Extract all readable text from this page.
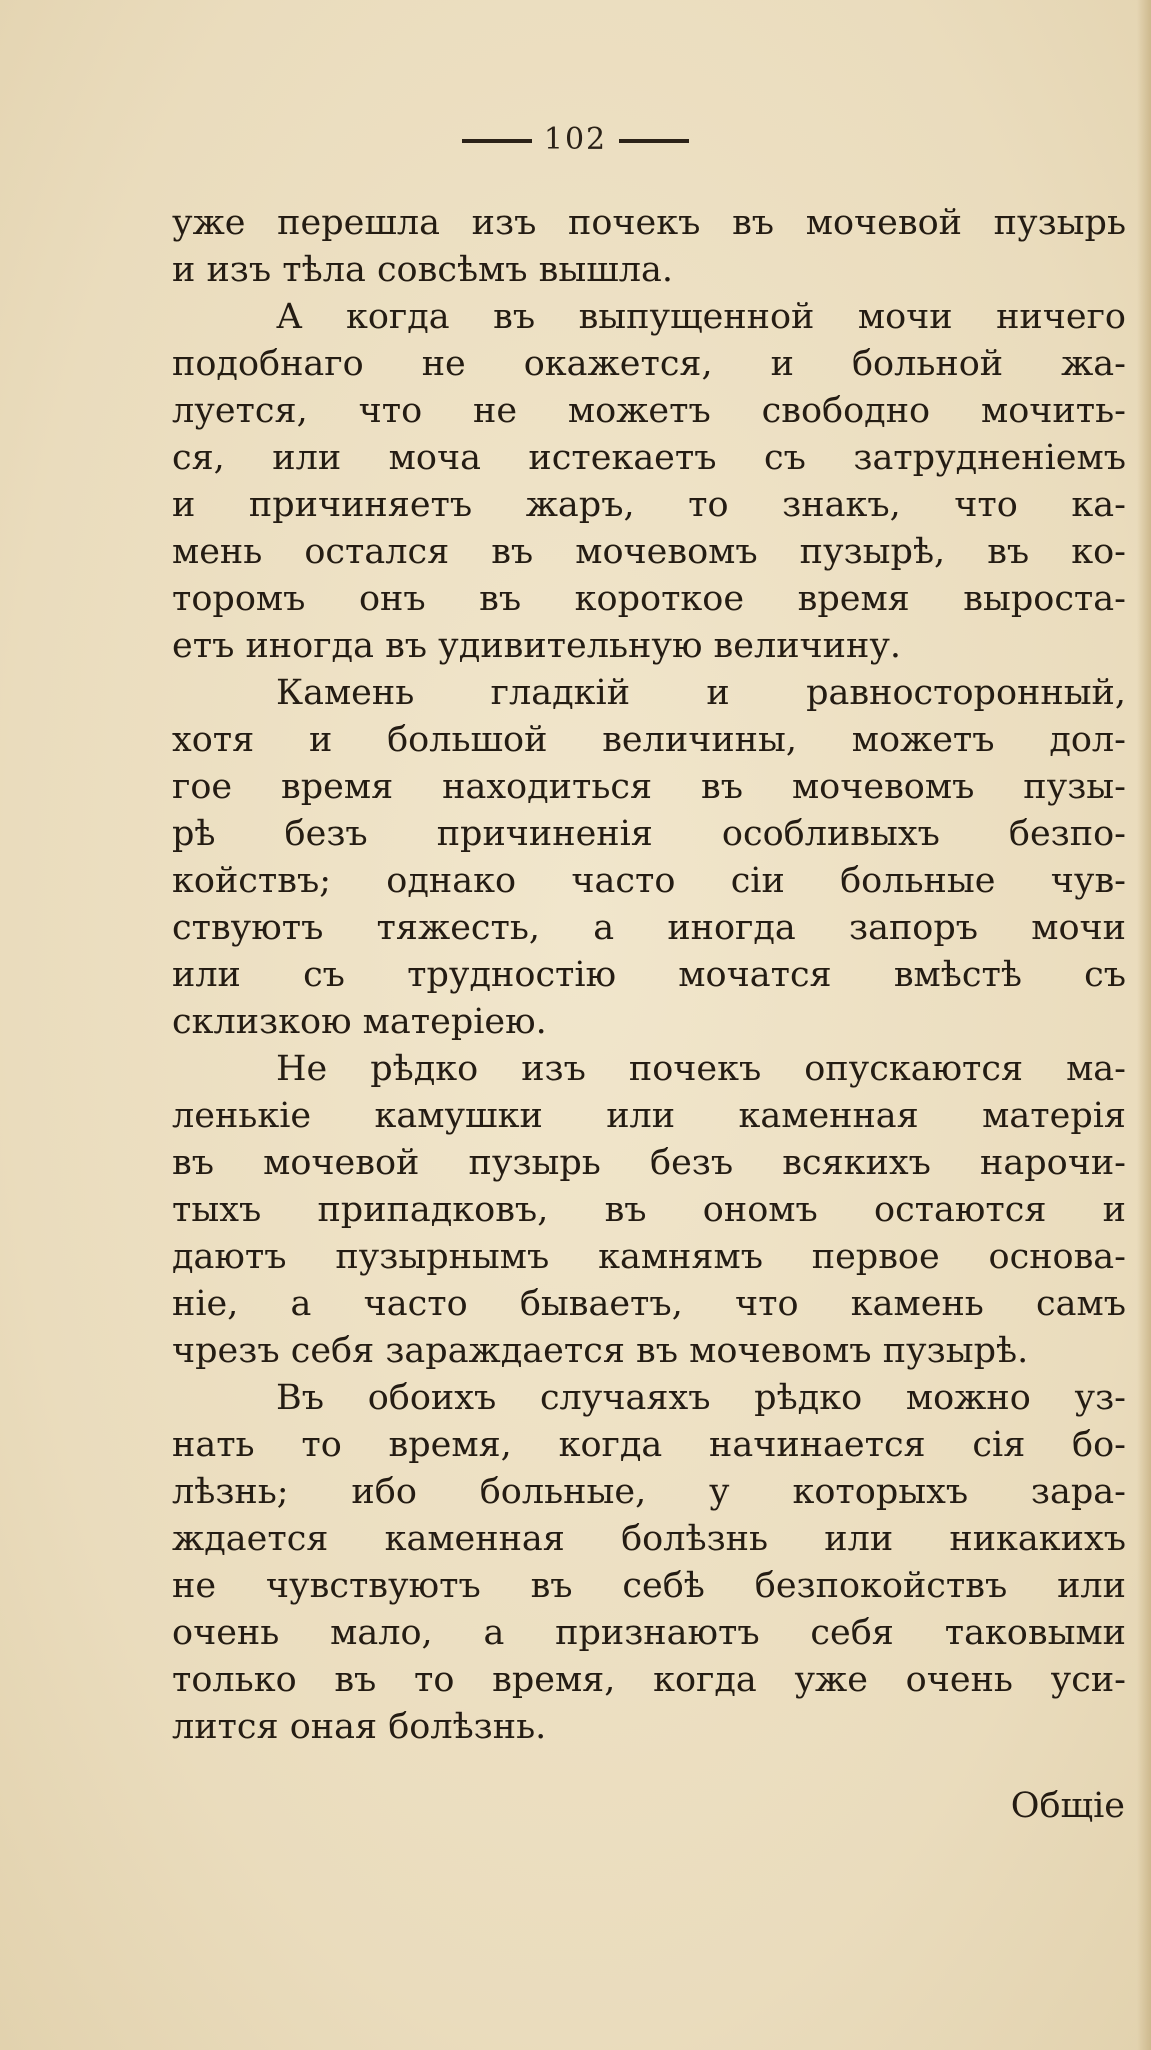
102
уже перешла изъ почекъ въ мочевой пузырь
и изъ тѣла совсѣмъ вышла.
А когда въ выпущенной мочи ничего
подобнаго не окажется, и больной жа-
луется, что не можетъ свободно мочить-
ся, или моча истекаетъ съ затрудненiемъ
и причиняетъ жаръ, то знакъ, что ка-
мень остался въ мочевомъ пузырѣ, въ ко-
торомъ онъ въ короткое время выроста-
етъ иногда въ удивительную величину.
Камень гладкiй и равносторонный,
хотя и большой величины, можетъ дол-
гое время находиться въ мочевомъ пузы-
рѣ безъ причиненiя особливыхъ безпо-
койствъ; однако часто сiи больные чув-
ствуютъ тяжесть, а иногда запоръ мочи
или съ трудностiю мочатся вмѣстѣ съ
склизкою матерiею.
Не рѣдко изъ почекъ опускаются ма-
ленькiе камушки или каменная матерiя
въ мочевой пузырь безъ всякихъ нарочи-
тыхъ припадковъ, въ ономъ остаются и
даютъ пузырнымъ камнямъ первое основа-
нiе, а часто бываетъ, что камень самъ
чрезъ себя зараждается въ мочевомъ пузырѣ.
Въ обоихъ случаяхъ рѣдко можно уз-
нать то время, когда начинается сiя бо-
лѣзнь; ибо больные, у которыхъ зара-
ждается каменная болѣзнь или никакихъ
не чувствуютъ въ себѣ безпокойствъ или
очень мало, а признаютъ себя таковыми
только въ то время, когда уже очень уси-
лится оная болѣзнь.
Общiе
